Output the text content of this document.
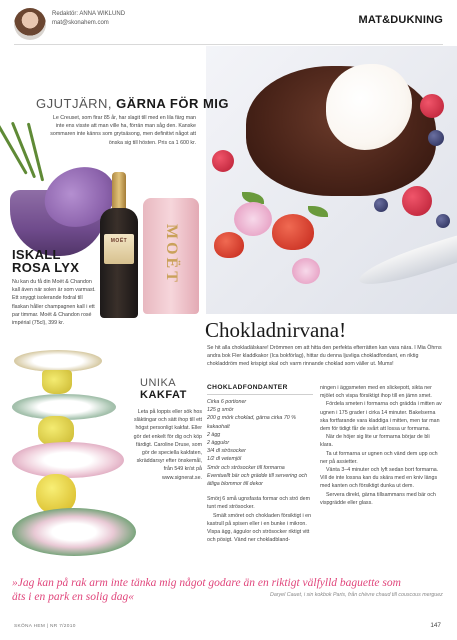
Redaktör: ANNA WIKLUND
mat@skonahem.com	MAT&DUKNING
GJUTJÄRN, GÄRNA FÖR MIG
Le Creuset, som firar 85 år, har slagit till med en lila färg man inte ens visste att man ville ha, förrän man såg den. Kanske sommaren inte känns som grytsäsong, men definitivt något att önska sig till hösten. Pris ca 1 600 kr.
MOËT	MOËT
ISKALL
ROSA LYX
Nu kan du få din Moët & Chandon kall även när solen är som varmast. Ett snyggt isolerande fodral till flaskan håller champagnen kall i ett par timmar. Moët & Chandon rosé impérial (75cl), 399 kr.	Chokladnirvana!
Se hit alla chokladälskare! Drömmen om att hitta den perfekta efterrätten kan vara nära. I Mia Öhrns andra bok Fler kladdkakor (Ica bokförlag), hittar du denna ljuvliga chokladfondant, en riktig chokladdröm med krispigt skal och varm rinnande choklad som väller ut. Mums!
UNIKA
KAKFAT
Leta på loppis eller sök hos släktingar och sätt ihop till ett högst personligt kakfat. Eller gör det enkelt för dig och köp färdigt. Caroline Druse, som gör de speciella kakfaten, skräddarsyr efter önskemål, från 549 kr/st på www.signerat.se.
CHOKLADFONDANTER
Cirka 6 portioner
125 g smör
200 g mörk choklad, gärna cirka 70 % kakaohalt
2 ägg
2 äggulor
3/4 dl strösocker
1/2 dl vetemjöl
Smör och strösocker till formarna
Eventuellt bär och grädde till servering och ätliga blommor till dekor
Smörj 6 små ugnsfasta formar och strö dem tunt med strösocker.
Smält smöret och chokladen försiktigt i en kastrull på spisen eller i en bunke i mikron. Vispa ägg, äggulor och strösocker riktigt vitt och pösigt. Vänd ner chokladbland-
ningen i äggsmeten med en slickepott, sikta ner mjölet och vispa försiktigt ihop till en jämn smet.
Fördela smeten i formarna och grädda i mitten av ugnen i 175 grader i cirka 14 minuter. Bakelserna ska fortfarande vara kladdiga i mitten, men tar man dem för tidigt får de svårt att lossa ur formarna.
När de höjer sig lite ur formarna börjar de bli klara.
Ta ut formarna ur ugnen och vänd dem upp och ner på assietter.
Vänta 3–4 minuter och lyft sedan bort formarna. Vill de inte lossna kan du skära med en kniv längs med kanten och försiktigt dunka ut dem.
Servera direkt, gärna tillsammans med bär och vispgrädde eller glass.
»Jag kan på rak arm inte tänka mig något godare än en riktigt välfylld baguette som äts i en park en solig dag«	Daryel Cauet, i sin kokbok Paris, från chèvre chaud till couscous merguez
SKÖNA HEM | NR 7/2010	147
